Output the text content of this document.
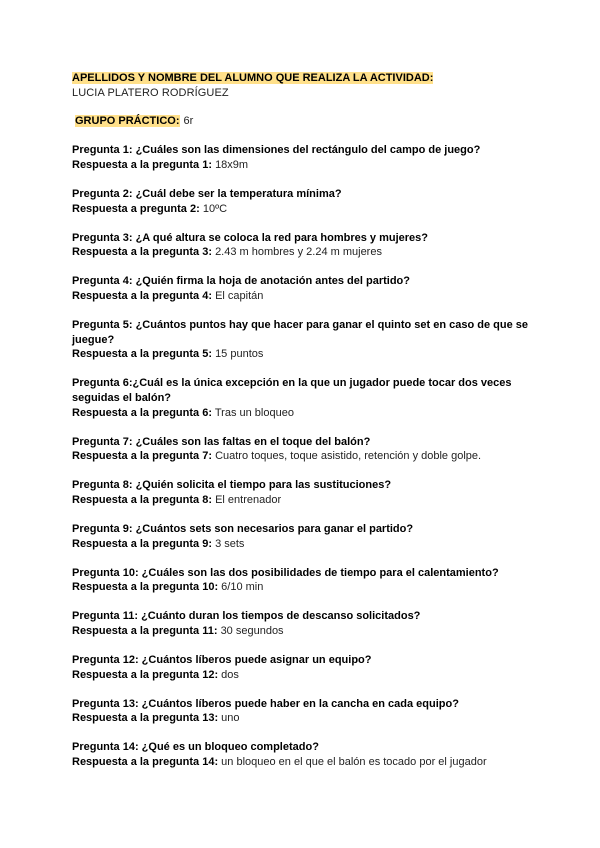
APELLIDOS Y NOMBRE DEL ALUMNO QUE REALIZA LA ACTIVIDAD:
LUCIA PLATERO RODRÍGUEZ
GRUPO PRÁCTICO: 6r
Pregunta 1: ¿Cuáles son las dimensiones del rectángulo del campo de juego?
Respuesta a la pregunta 1: 18x9m
Pregunta 2: ¿Cuál debe ser la temperatura mínima?
Respuesta a pregunta 2: 10ºC
Pregunta 3: ¿A qué altura se coloca la red para hombres y mujeres?
Respuesta a la pregunta 3: 2.43 m hombres y 2.24 m mujeres
Pregunta 4: ¿Quién firma la hoja de anotación antes del partido?
Respuesta a la pregunta 4: El capitán
Pregunta 5: ¿Cuántos puntos hay que hacer para ganar el quinto set en caso de que se juegue?
Respuesta a la pregunta 5: 15 puntos
Pregunta 6:¿Cuál es la única excepción en la que un jugador puede tocar dos veces seguidas el balón?
Respuesta a la pregunta 6: Tras un bloqueo
Pregunta 7: ¿Cuáles son las faltas en el toque del balón?
Respuesta a la pregunta 7: Cuatro toques, toque asistido, retención y doble golpe.
Pregunta 8: ¿Quién solicita el tiempo para las sustituciones?
Respuesta a la pregunta 8: El entrenador
Pregunta 9: ¿Cuántos sets son necesarios para ganar el partido?
Respuesta a la pregunta 9: 3 sets
Pregunta 10: ¿Cuáles son las dos posibilidades de tiempo para el calentamiento?
Respuesta a la pregunta 10: 6/10 min
Pregunta 11: ¿Cuánto duran los tiempos de descanso solicitados?
Respuesta a la pregunta 11: 30 segundos
Pregunta 12: ¿Cuántos líberos puede asignar un equipo?
Respuesta a la pregunta 12: dos
Pregunta 13: ¿Cuántos líberos puede haber en la cancha en cada equipo?
Respuesta a la pregunta 13: uno
Pregunta 14: ¿Qué es un bloqueo completado?
Respuesta a la pregunta 14: un bloqueo en el que el balón es tocado por el jugador
